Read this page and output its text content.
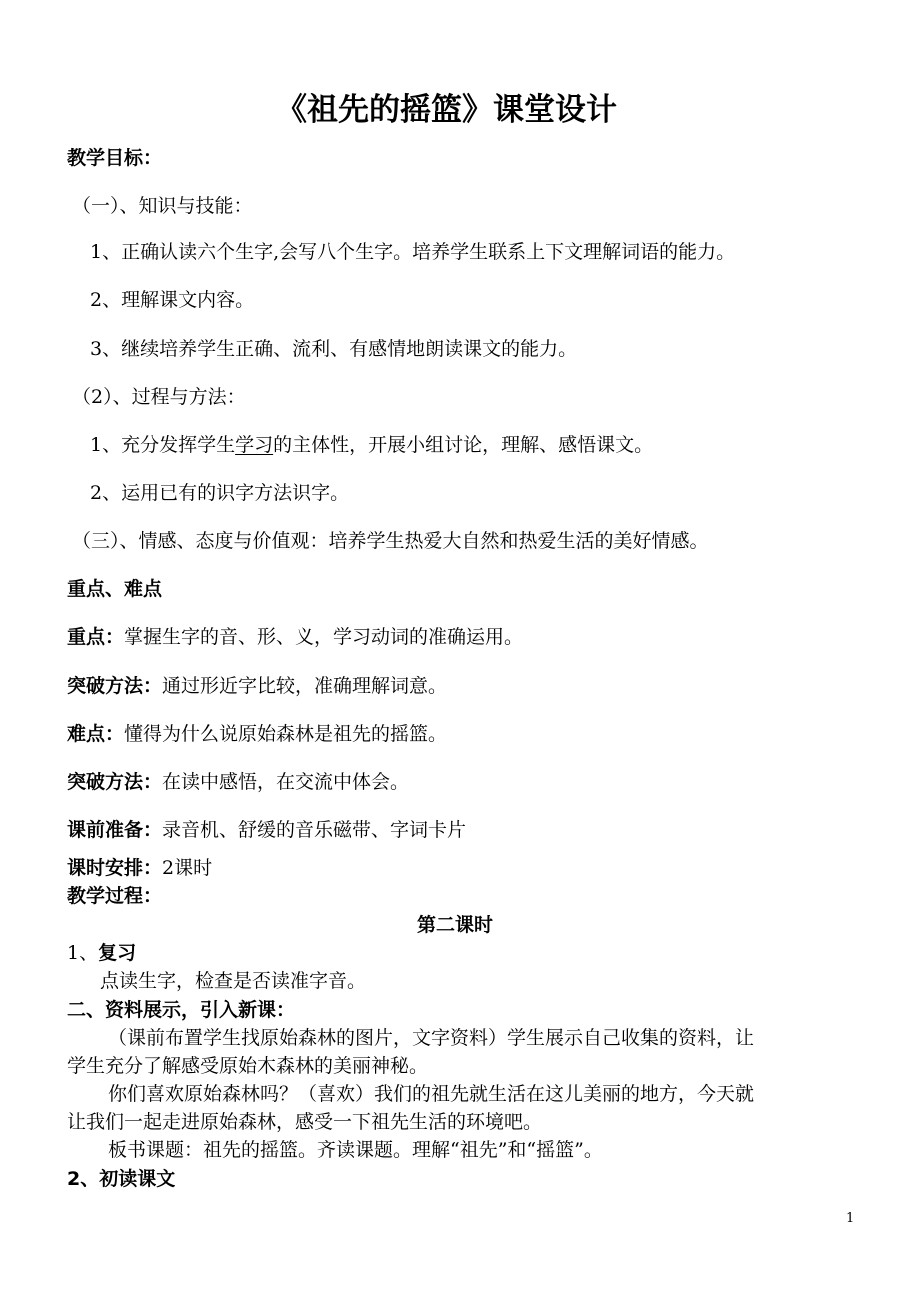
《祖先的摇篮》课堂设计
教学目标：
（一）、知识与技能：
1、正确认读六个生字,会写八个生字。培养学生联系上下文理解词语的能力。
2、理解课文内容。
3、继续培养学生正确、流利、有感情地朗读课文的能力。
（2）、过程与方法：
1、充分发挥学生学习的主体性，开展小组讨论，理解、感悟课文。
2、运用已有的识字方法识字。
（三）、情感、态度与价值观：培养学生热爱大自然和热爱生活的美好情感。
重点、难点
重点：掌握生字的音、形、义，学习动词的准确运用。
突破方法：通过形近字比较，准确理解词意。
难点：懂得为什么说原始森林是祖先的摇篮。
突破方法：在读中感悟，在交流中体会。
课前准备：录音机、舒缓的音乐磁带、字词卡片
课时安排：2课时
教学过程：
第二课时
1、复习
点读生字，检查是否读准字音。
二、资料展示，引入新课：
（课前布置学生找原始森林的图片，文字资料）学生展示自己收集的资料，让
学生充分了解感受原始木森林的美丽神秘。
你们喜欢原始森林吗？（喜欢）我们的祖先就生活在这儿美丽的地方，今天就
让我们一起走进原始森林，感受一下祖先生活的环境吧。
板书课题：祖先的摇篮。齐读课题。理解“祖先”和“摇篮”。
2、初读课文
1
